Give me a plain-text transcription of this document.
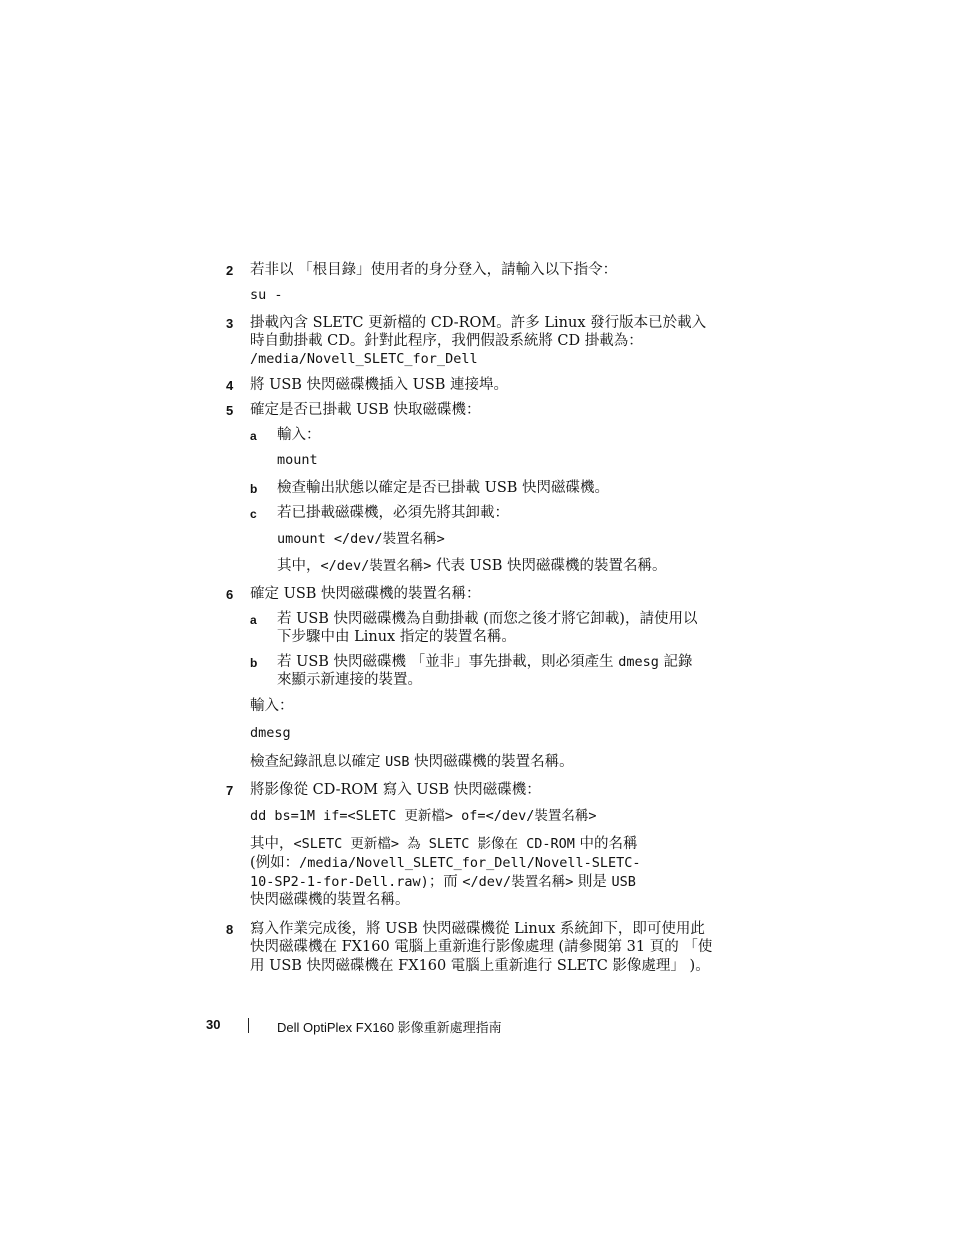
2 若非以 「根目錄」使用者的身分登入，請輸入以下指令：
su -
3 掛載內含 SLETC 更新檔的 CD-ROM。許多 Linux 發行版本已於載入
時自動掛載 CD。針對此程序，我們假設系統將 CD 掛載為：
/media/Novell_SLETC_for_Dell
4 將 USB 快閃磁碟機插入 USB 連接埠。
5 確定是否已掛載 USB 快取磁碟機：
a 輸入：
mount
b 檢查輸出狀態以確定是否已掛載 USB 快閃磁碟機。
c 若已掛載磁碟機，必須先將其卸載：
umount </dev/裝置名稱>
其中，</dev/裝置名稱> 代表 USB 快閃磁碟機的裝置名稱。
6 確定 USB 快閃磁碟機的裝置名稱：
a 若 USB 快閃磁碟機為自動掛載 (而您之後才將它卸載)，請使用以
下步驟中由 Linux 指定的裝置名稱。
b 若 USB 快閃磁碟機 「並非」事先掛載，則必須產生 dmesg 記錄
來顯示新連接的裝置。
輸入：
dmesg
檢查紀錄訊息以確定 USB 快閃磁碟機的裝置名稱。
7 將影像從 CD-ROM 寫入 USB 快閃磁碟機：
dd bs=1M if=<SLETC 更新檔> of=</dev/裝置名稱>
其中，<SLETC 更新檔> 為 SLETC 影像在 CD-ROM 中的名稱
(例如：/media/Novell_SLETC_for_Dell/Novell-SLETC-
10-SP2-1-for-Dell.raw)；而 </dev/裝置名稱> 則是 USB
快閃磁碟機的裝置名稱。
8 寫入作業完成後，將 USB 快閃磁碟機從 Linux 系統卸下，即可使用此
快閃磁碟機在 FX160 電腦上重新進行影像處理 (請參閱第 31 頁的 「使
用 USB 快閃磁碟機在 FX160 電腦上重新進行 SLETC 影像處理」 )。
30	Dell OptiPlex FX160 影像重新處理指南
